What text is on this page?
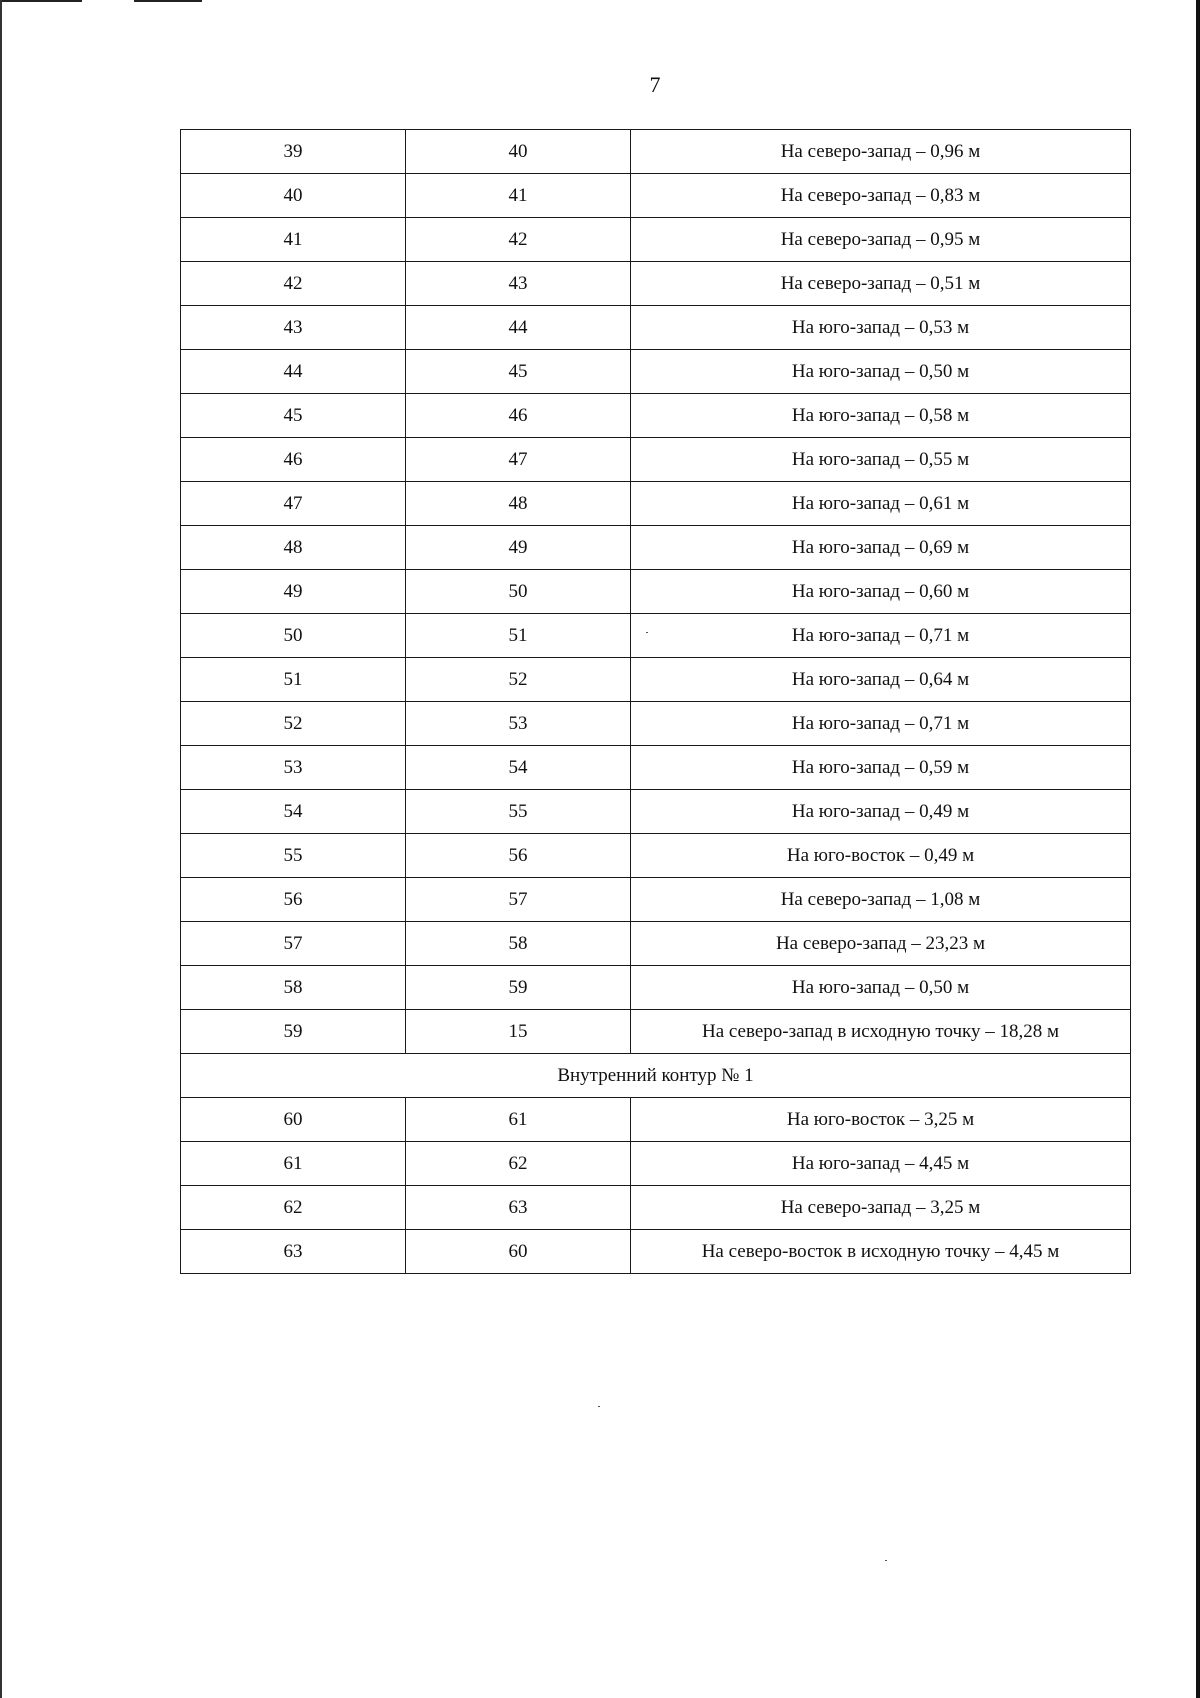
7
39	40	На северо-запад – 0,96 м
40	41	На северо-запад – 0,83 м
41	42	На северо-запад – 0,95 м
42	43	На северо-запад – 0,51 м
43	44	На юго-запад – 0,53 м
44	45	На юго-запад – 0,50 м
45	46	На юго-запад – 0,58 м
46	47	На юго-запад – 0,55 м
47	48	На юго-запад – 0,61 м
48	49	На юго-запад – 0,69 м
49	50	На юго-запад – 0,60 м
50	51	На юго-запад – 0,71 м
51	52	На юго-запад – 0,64 м
52	53	На юго-запад – 0,71 м
53	54	На юго-запад – 0,59 м
54	55	На юго-запад – 0,49 м
55	56	На юго-восток – 0,49 м
56	57	На северо-запад – 1,08 м
57	58	На северо-запад – 23,23 м
58	59	На юго-запад – 0,50 м
59	15	На северо-запад в исходную точку – 18,28 м
Внутренний контур № 1		
60	61	На юго-восток – 3,25 м
61	62	На юго-запад – 4,45 м
62	63	На северо-запад – 3,25 м
63	60	На северо-восток в исходную точку – 4,45 м
